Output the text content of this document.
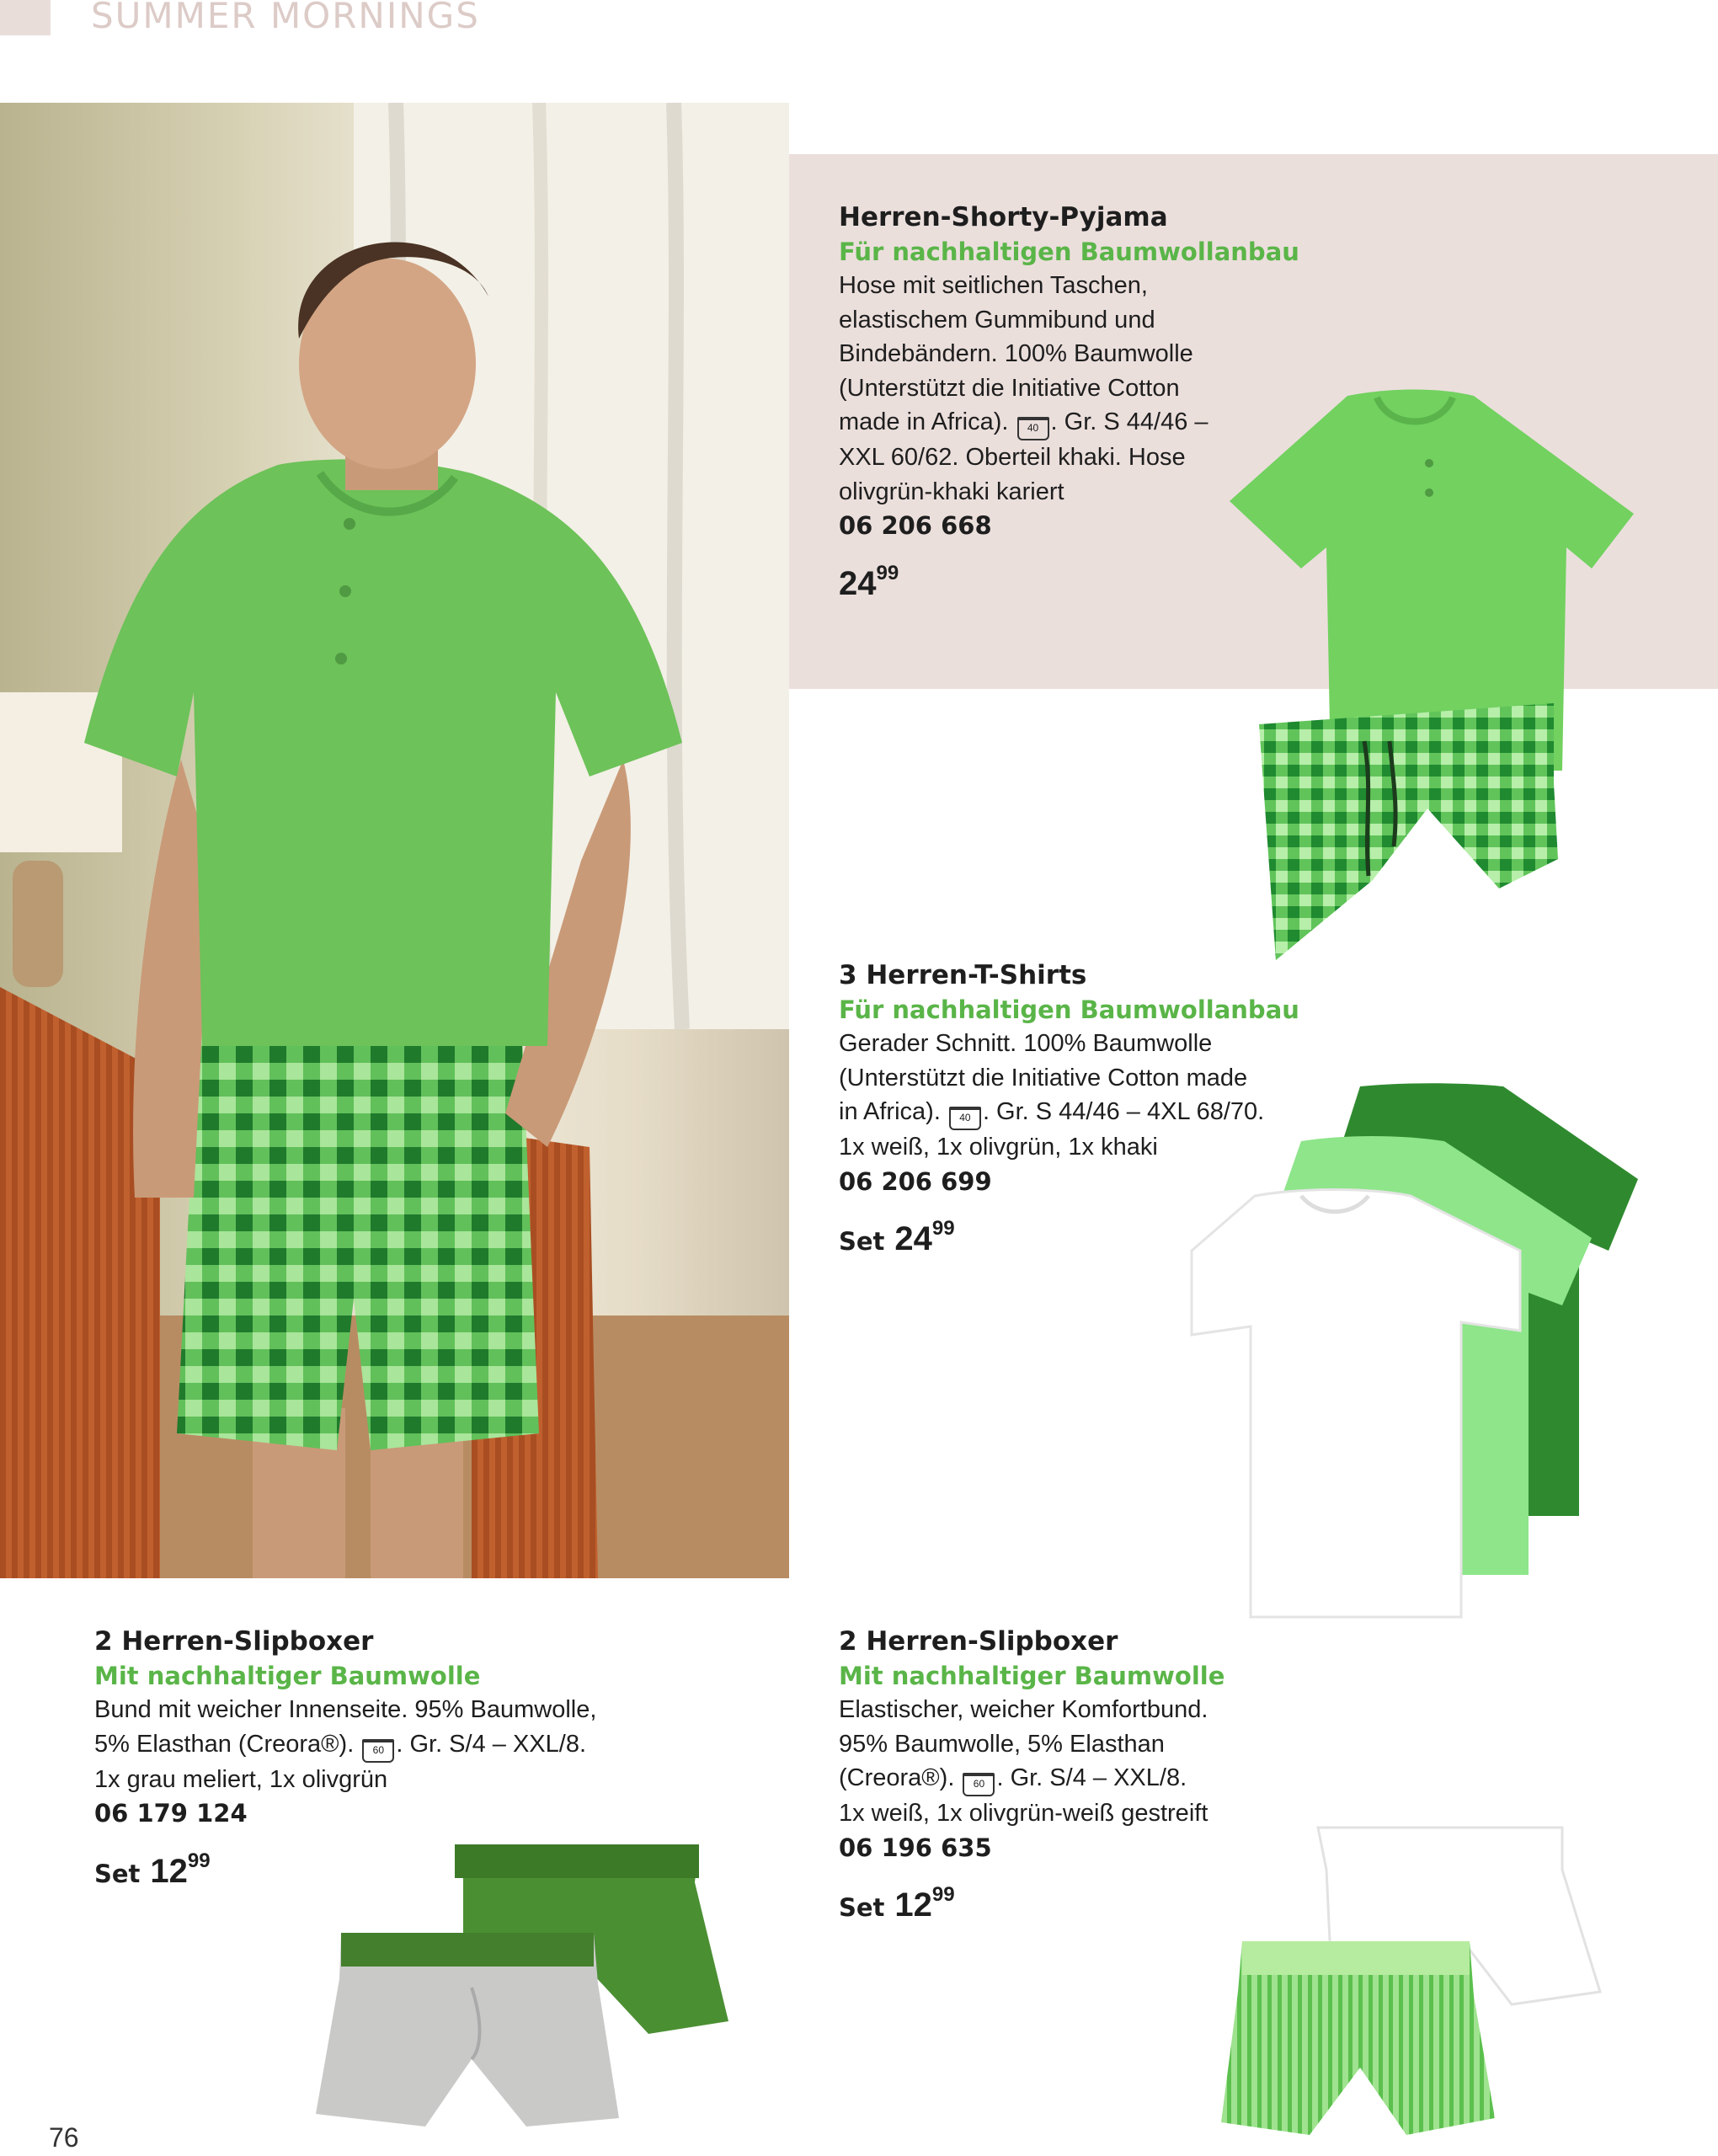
SUMMER MORNINGS
Herren-Shorty-Pyjama
Für nachhaltigen Baumwollanbau
Hose mit seitlichen Taschen,
elastischem Gummibund und
Bindebändern. 100% Baumwolle
(Unterstützt die Initiative Cotton
made in Africa). 40 . Gr. S 44/46 –
XXL 60/62. Oberteil khaki. Hose
olivgrün-khaki kariert
06 206 668
$24^{99}$
3 Herren-T-Shirts
Für nachhaltigen Baumwollanbau
Gerader Schnitt. 100% Baumwolle
(Unterstützt die Initiative Cotton made
in Africa). 40 . Gr. S 44/46 – 4XL 68/70.
1x weiß, 1x olivgrün, 1x khaki
06 206 699
Set $24^{99}$
2 Herren-Slipboxer
Mit nachhaltiger Baumwolle
Bund mit weicher Innenseite. 95% Baumwolle,
5% Elasthan (Creora®). 60 . Gr. S/4 – XXL/8.
1x grau meliert, 1x olivgrün
06 179 124
Set $12^{99}$
2 Herren-Slipboxer
Mit nachhaltiger Baumwolle
Elastischer, weicher Komfortbund.
95% Baumwolle, 5% Elasthan
(Creora®). 60 . Gr. S/4 – XXL/8.
1x weiß, 1x olivgrün-weiß gestreift
06 196 635
Set $12^{99}$
76
